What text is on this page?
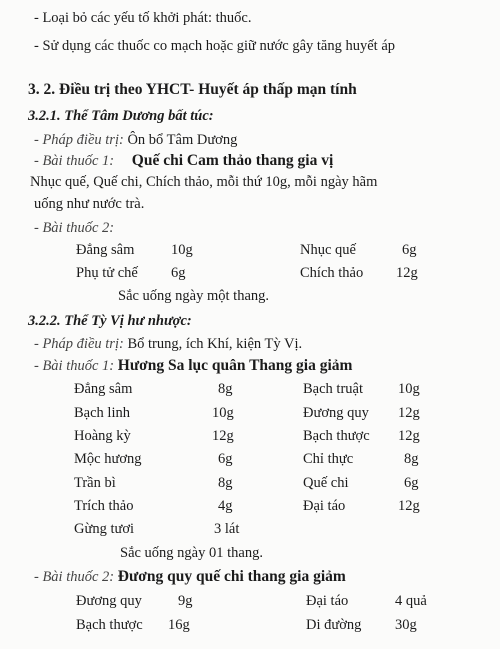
- Loại bỏ các yếu tố khởi phát: thuốc.
- Sử dụng các thuốc co mạch hoặc giữ nước gây tăng huyết áp
3. 2. Điều trị theo YHCT- Huyết áp thấp mạn tính
3.2.1. Thể Tâm Dương bất túc:
- Pháp điều trị: Ôn bổ Tâm Dương
- Bài thuốc 1: Quế chi Cam thảo thang gia vị
Nhục quế, Quế chi, Chích thảo, mỗi thứ 10g, mỗi ngày hãm
uống như nước trà.
- Bài thuốc 2:
Đẳng sâm	10g	Nhục quế	6g
Phụ tử chế 6g	Chích thảo 12g
Sắc uống ngày một thang.
3.2.2. Thể Tỳ Vị hư nhược:
- Pháp điều trị: Bổ trung, ích Khí, kiện Tỳ Vị.
- Bài thuốc 1: Hương Sa lục quân Thang gia giảm
Đẳng sâm	8g	Bạch truật 10g
Bạch linh	10g	Đương quy 12g
Hoàng kỳ	12g	Bạch thược 12g
Mộc hương	6g	Chỉ thực	8g
Trần bì	8g	Quế chi	6g
Trích thảo	4g	Đại táo	12g
Gừng tươi	3 lát
Sắc uống ngày 01 thang.
- Bài thuốc 2: Đương quy quế chi thang gia giảm
Đương quy 9g	Đại táo	4 quả
Bạch thược 16g	Di đường 30g
